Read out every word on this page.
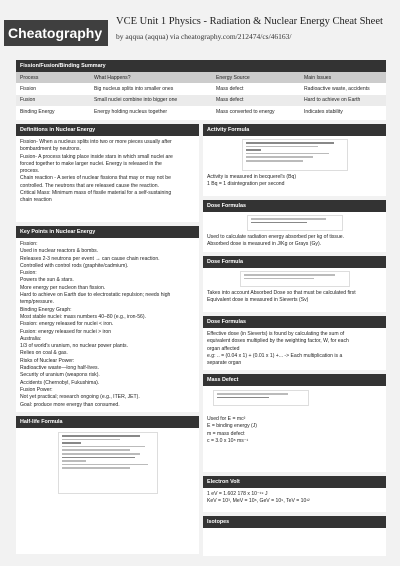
Cheatography
VCE Unit 1 Physics - Radiation & Nuclear Energy Cheat Sheet
by aqqua (aqqua) via cheatography.com/212474/cs/46163/
Fission/Fusion/Binding Summary
Process	What Happens?	Energy Source	Main Issues
Fission	Big nucleus splits into smaller ones	Mass defect	Radioactive waste, accidents
Fusion	Small nuclei combine into bigger one	Mass defect	Hard to achieve on Earth
Binding Energy	Energy holding nucleus together	Mass converted to energy	Indicates stability
Definitions in Nuclear Energy
Fission- When a nucleus splits into two or more pieces usually after
bombardment by neutrons.
Fusion- A process taking place inside stars in which small nuclei are
forced together to make larger nuclei. Energy is released in the
process.
Chain reaction - A series of nuclear fissions that may or may not be
controlled. The neutrons that are released cause the reaction.
Critical Mass: Minimum mass of fissile material for a self-sustaining
chain reaction
Key Points in Nuclear Energy
Fission:
Used in nuclear reactors & bombs.
Releases 2-3 neutrons per event → can cause chain reaction.
Controlled with control rods (graphite/cadmium).
Fusion:
Powers the sun & stars.
More energy per nucleon than fission.
Hard to achieve on Earth due to electrostatic repulsion; needs high
temp/pressure.
Binding Energy Graph:
Most stable nuclei: mass numbers 40–80 (e.g., iron-56).
Fission: energy released for nuclei < iron.
Fusion: energy released for nuclei > iron
Australia:
1/3 of world's uranium, no nuclear power plants.
Relies on coal & gas.
Risks of Nuclear Power:
Radioactive waste—long half-lives.
Security of uranium (weapons risk).
Accidents (Chernobyl, Fukushima).
Fusion Power:
Not yet practical; research ongoing (e.g., ITER, JET).
Goal: produce more energy than consumed.
Half-life Formula
Activity Formula
Activity is measured in becquerel's (Bq)
1 Bq = 1 disintegration per second
Dose Formulas
Used to calculate radiation energy absorbed per kg of tissue.
Absorbed dose is measured in J/Kg or Grays (Gy).
Dose Formula
Takes into account Absorbed Dose so that must be calculated first
Equivalent dose is measured in Sieverts (Sv)
Dose Formulas
Effective dose (in Sieverts) is found by calculating the sum of
equivalent doses multiplied by the weighting factor, W, for each
organ affected
e.g: .. = (0.04 x 1) + (0.01 x 1) +... -> Each multiplication is a
separate organ
Mass Defect
Used for E = mc²
E = binding energy (J)
m = mass defect
c = 3.0 x 10⁸ ms⁻¹
Electron Volt
1 eV = 1.602 178 x 10⁻¹⁹ J
KeV = 10³, MeV = 10⁶, GeV = 10⁹, TeV = 10¹²
Isotopes
